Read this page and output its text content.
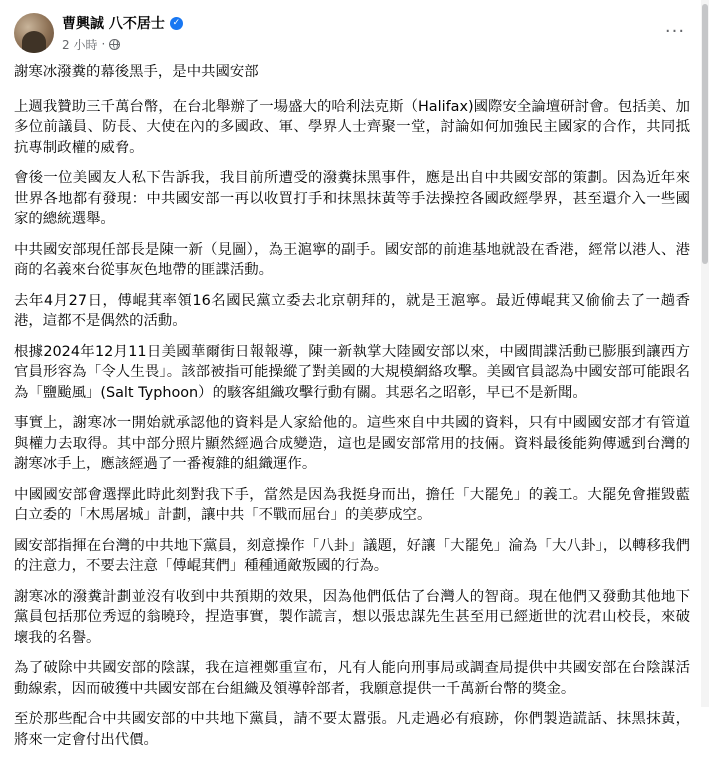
曹興誠 八不居士 ✓
2 小時 ·
···

謝寒冰潑糞的幕後黑手，是中共國安部

上週我贊助三千萬台幣，在台北舉辦了一場盛大的哈利法克斯（Halifax)國際安全論壇研討會。包括美、加多位前議員、防長、大使在內的多國政、軍、學界人士齊聚一堂，討論如何加強民主國家的合作，共同抵抗專制政權的威脅。

會後一位美國友人私下告訴我，我目前所遭受的潑糞抹黑事件，應是出自中共國安部的策劃。因為近年來世界各地都有發現：中共國安部一再以收買打手和抹黑抹黃等手法操控各國政經學界，甚至還介入一些國家的總統選舉。

中共國安部現任部長是陳一新（見圖），為王滬寧的副手。國安部的前進基地就設在香港，經常以港人、港商的名義來台從事灰色地帶的匪諜活動。

去年4月27日，傅崐萁率領16名國民黨立委去北京朝拜的，就是王滬寧。最近傅崐萁又偷偷去了一趟香港，這都不是偶然的活動。

根據2024年12月11日美國華爾街日報報導，陳一新執掌大陸國安部以來，中國間諜活動已膨脹到讓西方官員形容為「令人生畏」。該部被指可能操縱了對美國的大規模網絡攻擊。美國官員認為中國安部可能跟名為「鹽颱風」(Salt Typhoon）的駭客組織攻擊行動有關。其惡名之昭彰，早已不是新聞。

事實上，謝寒冰一開始就承認他的資料是人家給他的。這些來自中共國的資料，只有中國國安部才有管道與權力去取得。其中部分照片顯然經過合成變造，這也是國安部常用的技倆。資料最後能夠傳遞到台灣的謝寒冰手上，應該經過了一番複雜的組織運作。

中國國安部會選擇此時此刻對我下手，當然是因為我挺身而出，擔任「大罷免」的義工。大罷免會摧毀藍白立委的「木馬屠城」計劃，讓中共「不戰而屈台」的美夢成空。

國安部指揮在台灣的中共地下黨員，刻意操作「八卦」議題，好讓「大罷免」淪為「大八卦」，以轉移我們的注意力，不要去注意「傅崐萁們」種種通敵叛國的行為。

謝寒冰的潑糞計劃並沒有收到中共預期的效果，因為他們低估了台灣人的智商。現在他們又發動其他地下黨員包括那位秀逗的翁曉玲，捏造事實，製作謊言，想以張忠謀先生甚至用已經逝世的沈君山校長，來破壞我的名譽。

為了破除中共國安部的陰謀，我在這裡鄭重宣布，凡有人能向刑事局或調查局提供中共國安部在台陰謀活動線索，因而破獲中共國安部在台組織及領導幹部者，我願意提供一千萬新台幣的獎金。

至於那些配合中共國安部的中共地下黨員，請不要太囂張。凡走過必有痕跡，你們製造謊話、抹黑抹黃，將來一定會付出代價。
